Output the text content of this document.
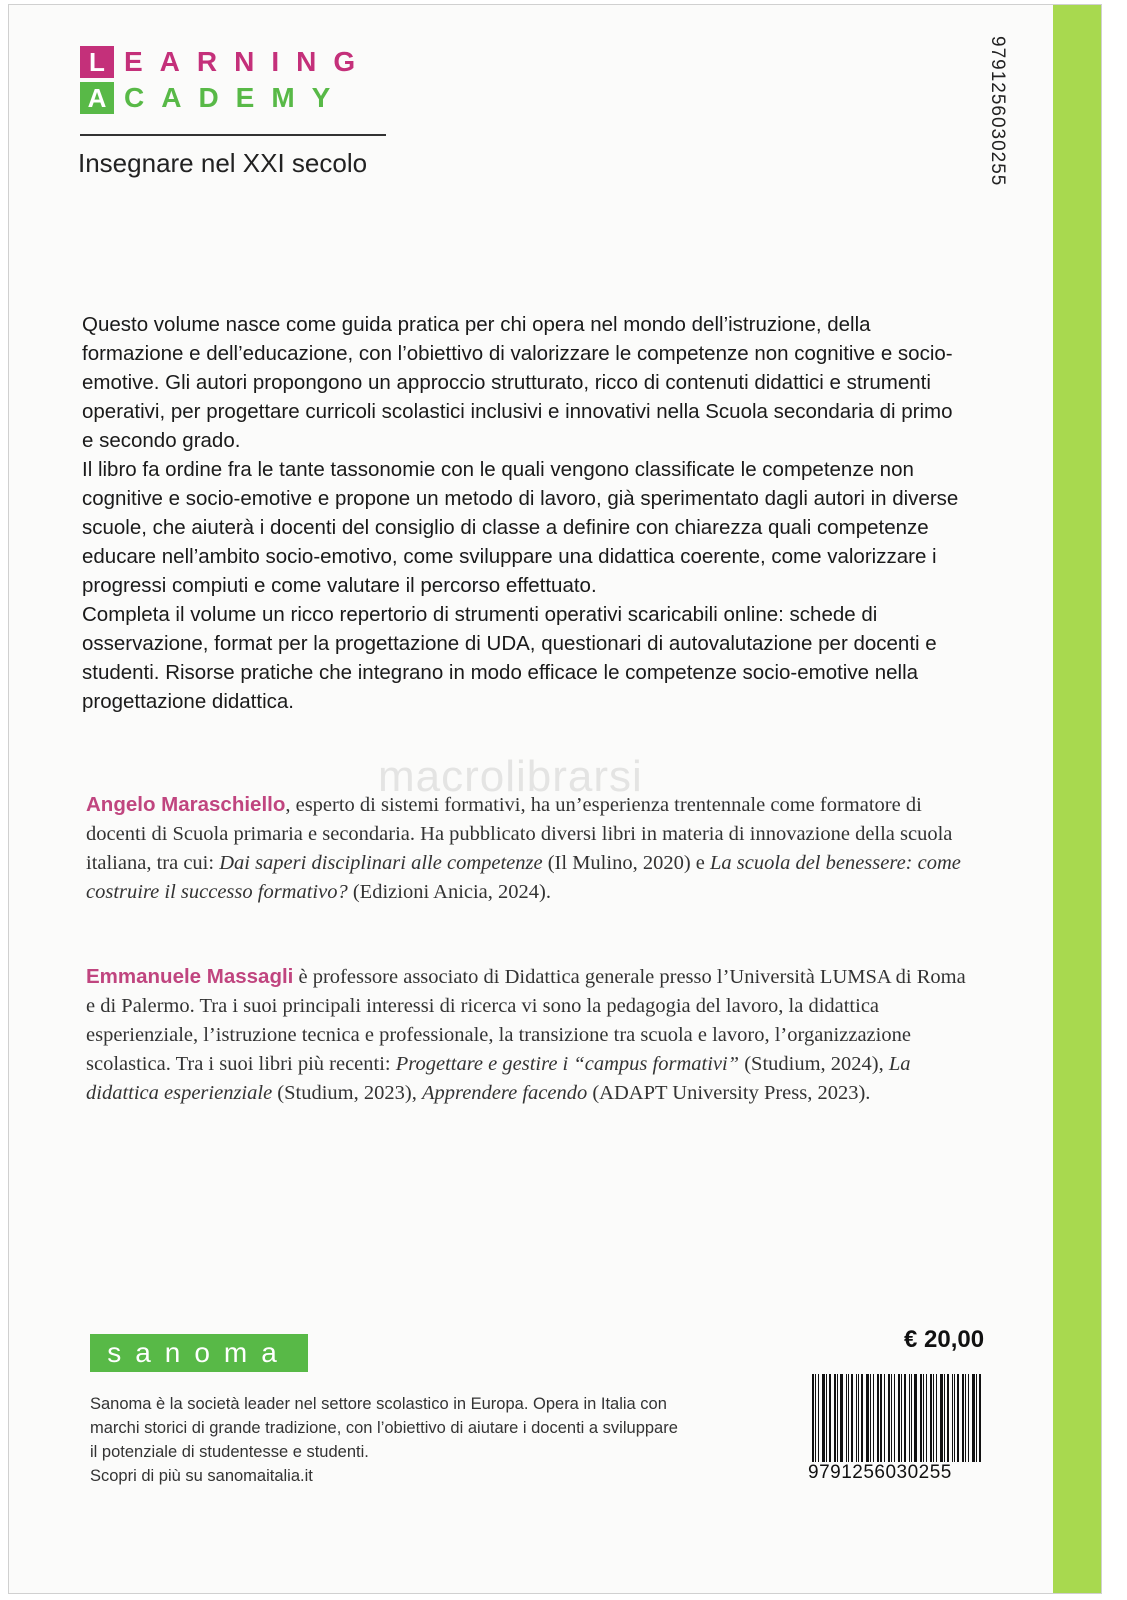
L EARNING
A CADEMY
Insegnare nel XXI secolo	9791256030255

Questo volume nasce come guida pratica per chi opera nel mondo dell’istruzione, della formazione e dell’educazione, con l’obiettivo di valorizzare le competenze non cognitive e socio-emotive. Gli autori propongono un approccio strutturato, ricco di contenuti didattici e strumenti operativi, per progettare curricoli scolastici inclusivi e innovativi nella Scuola secondaria di primo e secondo grado.

Il libro fa ordine fra le tante tassonomie con le quali vengono classificate le competenze non cognitive e socio-emotive e propone un metodo di lavoro, già sperimentato dagli autori in diverse scuole, che aiuterà i docenti del consiglio di classe a definire con chiarezza quali competenze educare nell’ambito socio-emotivo, come sviluppare una didattica coerente, come valorizzare i progressi compiuti e come valutare il percorso effettuato.

Completa il volume un ricco repertorio di strumenti operativi scaricabili online: schede di osservazione, format per la progettazione di UDA, questionari di autovalutazione per docenti e studenti. Risorse pratiche che integrano in modo efficace le competenze socio-emotive nella progettazione didattica.

macrolibrarsi
Angelo Maraschiello, esperto di sistemi formativi, ha un’esperienza trentennale come formatore di docenti di Scuola primaria e secondaria. Ha pubblicato diversi libri in materia di innovazione della scuola italiana, tra cui: Dai saperi disciplinari alle competenze (Il Mulino, 2020) e La scuola del benessere: come costruire il successo formativo? (Edizioni Anicia, 2024).
Emmanuele Massagli è professore associato di Didattica generale presso l’Università LUMSA di Roma e di Palermo. Tra i suoi principali interessi di ricerca vi sono la pedagogia del lavoro, la didattica esperienziale, l’istruzione tecnica e professionale, la transizione tra scuola e lavoro, l’organizzazione scolastica. Tra i suoi libri più recenti: Progettare e gestire i “campus formativi” (Studium, 2024), La didattica esperienziale (Studium, 2023), Apprendere facendo (ADAPT University Press, 2023).
sanoma

Sanoma è la società leader nel settore scolastico in Europa. Opera in Italia con

marchi storici di grande tradizione, con l’obiettivo di aiutare i docenti a sviluppare

il potenziale di studentesse e studenti.

Scopri di più su sanomaitalia.it

€ 20,00
9791256030255
